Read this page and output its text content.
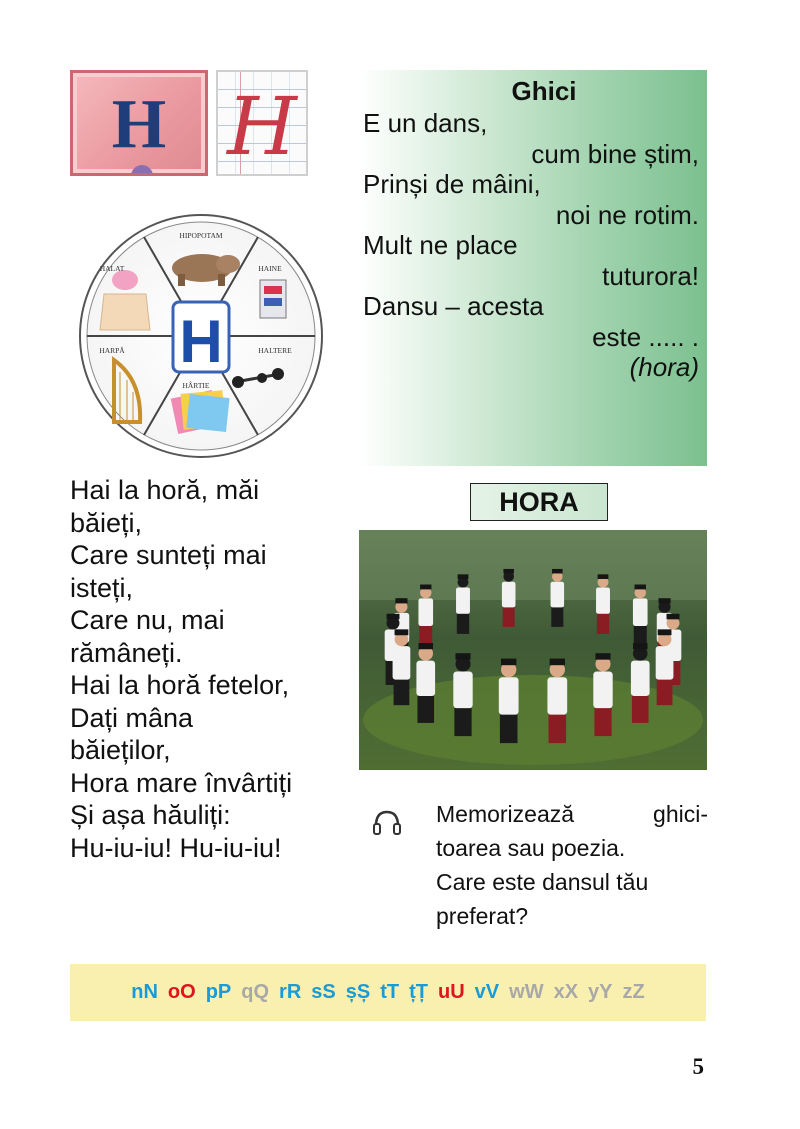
H H
H
HIPOPOTAM
HAINE
HALTERE
HÂRTIE
HARPĂ
HALAT
Ghici
E un dans,
cum bine știm,
Prinși de mâini,
noi ne rotim.
Mult ne place
tuturora!
Dansu – acesta
este ..... .
(hora)
Hai la horă, măi
băieți,
Care sunteți mai
isteți,
Care nu, mai
rămâneți.
Hai la horă fetelor,
Dați mâna
băieților,
Hora mare învârtiți
Și așa hăuliți:
Hu-iu-iu! Hu-iu-iu!
HORA
Memorizează	ghici-
toarea sau poezia.
Care este dansul tău
preferat?
nN oO pP qQ rR sS șȘ tT țȚ uU vV wW xX yY zZ
5
